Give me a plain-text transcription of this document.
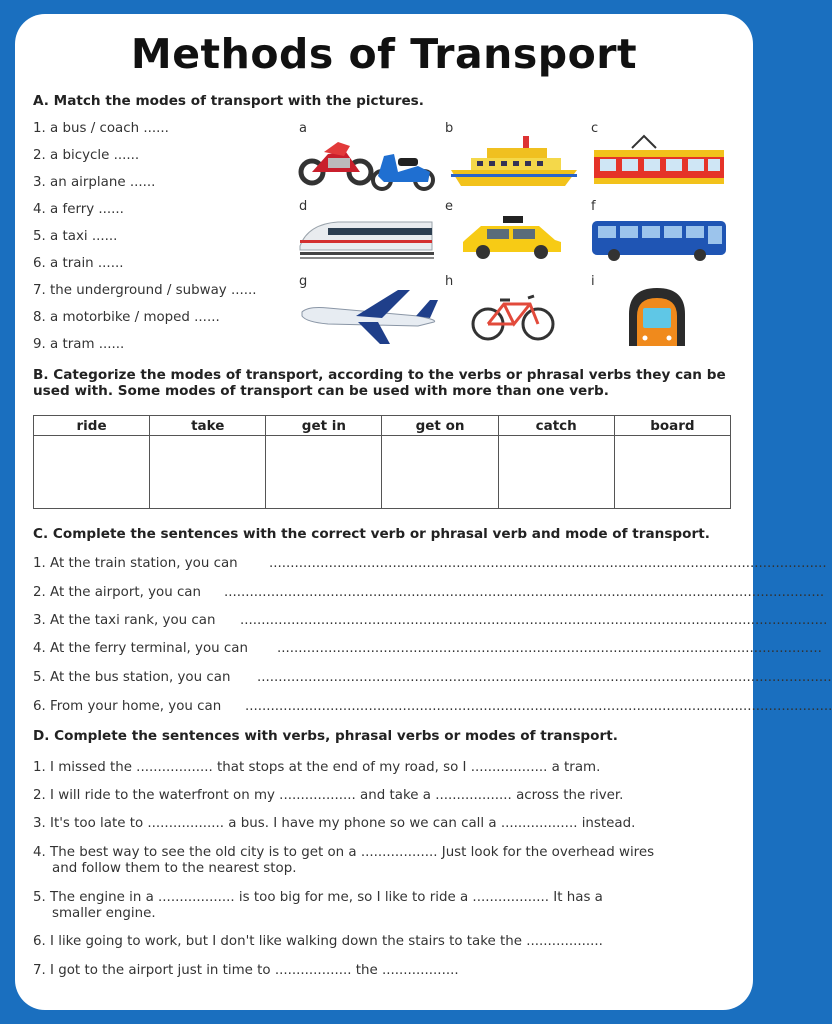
Methods of Transport
A. Match the modes of transport with the pictures.
1. a bus / coach ......
2. a bicycle ......
3. an airplane ......
4. a ferry ......
5. a taxi ......
6. a train ......
7. the underground / subway ......
8. a motorbike / moped ......
9. a tram ......
a	b	c
d	e	f
g	h	i
B. Categorize the modes of transport, according to the verbs or phrasal verbs they can be used with. Some modes of transport can be used with more than one verb.
ride	take	get in	get on	catch	board

C. Complete the sentences with the correct verb or phrasal verb and mode of transport.
1. At the train station, you can ...................................................................................................................................
2. At the airport, you can .............................................................................................................................................
3. At the taxi rank, you can ..........................................................................................................................................
4. At the ferry terminal, you can ................................................................................................................................
5. At the bus station, you can .......................................................................................................................................
6. From your home, you can ..........................................................................................................................................
D. Complete the sentences with verbs, phrasal verbs or modes of transport.
1. I missed the .................. that stops at the end of my road, so I .................. a tram.
2. I will ride to the waterfront on my .................. and take a .................. across the river.
3. It's too late to .................. a bus. I have my phone so we can call a .................. instead.
4. The best way to see the old city is to get on a .................. Just look for the overhead wires
and follow them to the nearest stop.
5. The engine in a .................. is too big for me, so I like to ride a .................. It has a
smaller engine.
6. I like going to work, but I don't like walking down the stairs to take the ..................
7. I got to the airport just in time to .................. the ..................
